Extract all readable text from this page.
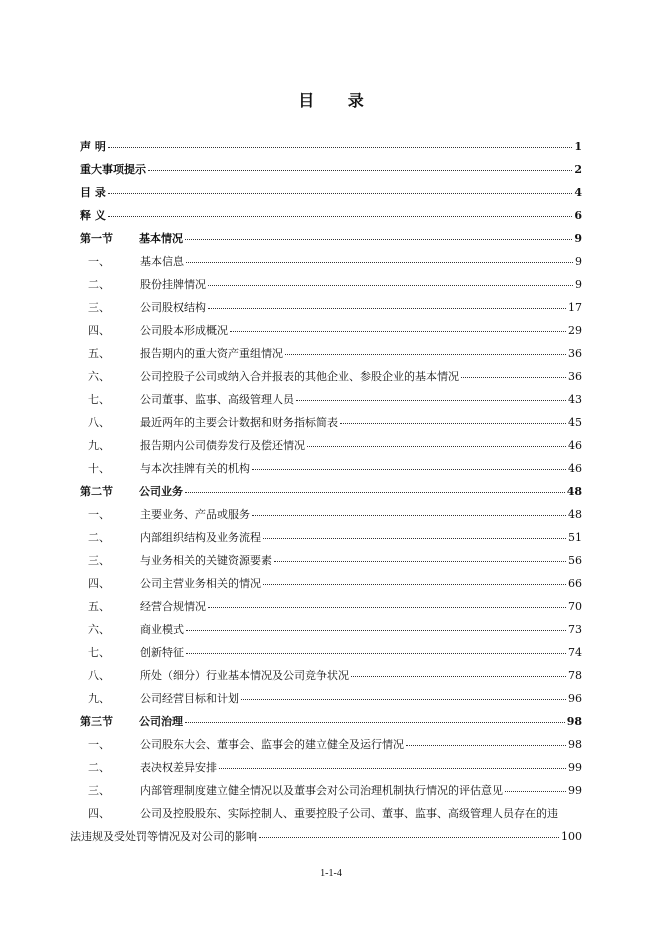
目 录
声 明	1
重大事项提示	2
目 录	4
释 义	6
第一节	基本情况	9
一、	基本信息	9
二、	股份挂牌情况	9
三、	公司股权结构	17
四、	公司股本形成概况	29
五、	报告期内的重大资产重组情况	36
六、	公司控股子公司或纳入合并报表的其他企业、参股企业的基本情况	36
七、	公司董事、监事、高级管理人员	43
八、	最近两年的主要会计数据和财务指标简表	45
九、	报告期内公司债券发行及偿还情况	46
十、	与本次挂牌有关的机构	46
第二节	公司业务	48
一、	主要业务、产品或服务	48
二、	内部组织结构及业务流程	51
三、	与业务相关的关键资源要素	56
四、	公司主营业务相关的情况	66
五、	经营合规情况	70
六、	商业模式	73
七、	创新特征	74
八、	所处（细分）行业基本情况及公司竞争状况	78
九、	公司经营目标和计划	96
第三节	公司治理	98
一、	公司股东大会、董事会、监事会的建立健全及运行情况	98
二、	表决权差异安排	99
三、	内部管理制度建立健全情况以及董事会对公司治理机制执行情况的评估意见	99
四、	公司及控股股东、实际控制人、重要控股子公司、董事、监事、高级管理人员存在的违
法违规及受处罚等情况及对公司的影响	100
1-1-4
